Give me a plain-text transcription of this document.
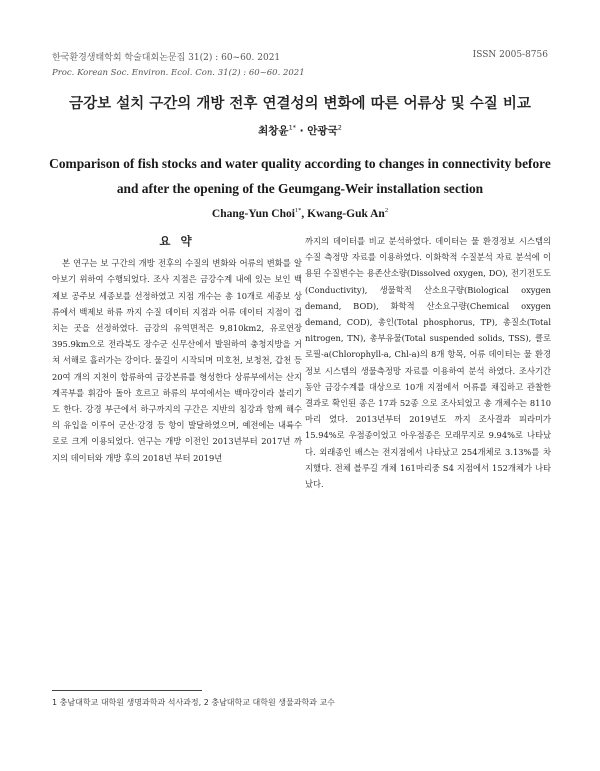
한국환경생태학회 학술대회논문집 31(2) : 60~60. 2021	ISSN 2005-8756
Proc. Korean Soc. Environ. Ecol. Con. 31(2) : 60~60. 2021
금강보 설치 구간의 개방 전후 연결성의 변화에 따른 어류상 및 수질 비교
최창윤$^{1*}$ · 안광국$^2$
Comparison of fish stocks and water quality according to changes in connectivity before and after the opening of the Geumgang-Weir installation section
Chang-Yun Choi$^{1*}$, Kwang-Guk An$^2$
요 약

본 연구는 보 구간의 개방 전후의 수질의 변화와 어류의 변화를 알아보기 위하여 수행되었다. 조사 지점은 금강수계 내에 있는 보인 백제보 공주보 세종보를 선정하였고 지점 개수는 총 10개로 세종보 상류에서 백제보 하류 까지 수질 데이터 지점과 어류 데이터 지점이 겹치는 곳을 선정하였다. 금강의 유역면적은 9,810km2, 유로연장 395.9km으로 전라북도 장수군 신무산에서 발원하여 충청지방을 거쳐 서해로 흘러가는 강이다. 물길이 시작되며 미호천, 보청천, 갑천 등 20여 개의 지천이 합류하여 금강본류를 형성한다 상류부에서는 산지 계곡부를 휘감아 돌아 흐르고 하류의 부여에서는 백마강이라 불리기도 한다. 강경 부근에서 하구까지의 구간은 지반의 침강과 함께 해수의 유입을 이루어 군산·강경 등 항이 발달하였으며, 예전에는 내륙수로로 크게 이용되었다. 연구는 개방 이전인 2013년부터 2017년 까지의 데이터와 개방 후의 2018년 부터 2019년

까지의 데이터를 비교 분석하였다. 데이터는 물 환경정보 시스템의 수질 측정망 자료를 이용하였다. 이화학적 수질분석 자료 분석에 이용된 수질변수는 용존산소량(Dissolved oxygen, DO), 전기전도도(Conductivity), 생물학적 산소요구량(Biological oxygen demand, BOD), 화학적 산소요구량(Chemical oxygen demand, COD), 총인(Total phosphorus, TP), 총질소(Total nitrogen, TN), 총부유물(Total suspended solids, TSS), 클로로필-a(Chlorophyll-a, Chl-a)의 8개 항목, 어류 데이터는 물 환경정보 시스템의 생물측정망 자료를 이용하여 분석 하였다. 조사기간 동안 금강수계를 대상으로 10개 지점에서 어류를 채집하고 관찰한 결과로 확인된 종은 17과 52종 으로 조사되었고 총 개체수는 8110마리 였다. 2013년부터 2019년도 까지 조사결과 피라미가 15.94%로 우점종이었고 아우점종은 모래무지로 9.94%로 나타났다. 외래종인 배스는 전지점에서 나타났고 254개체로 3.13%를 차지했다. 전체 블루길 개체 161마리중 S4 지점에서 152개체가 나타났다.

1 충남대학교 대학원 생명과학과 석사과정, 2 충남대학교 대학원 생물과학과 교수
